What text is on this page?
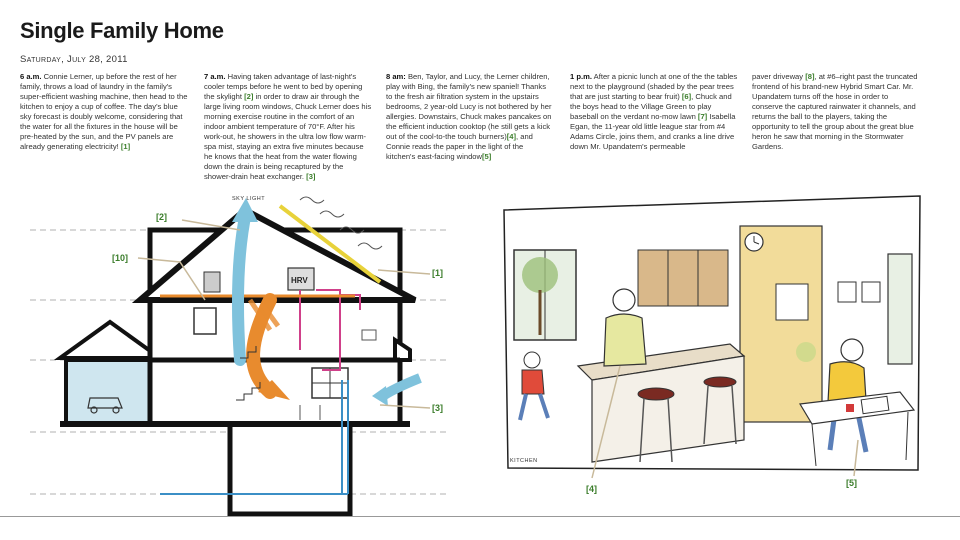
Single Family Home
Saturday, July 28, 2011
6 a.m. Connie Lerner, up before the rest of her family, throws a load of laundry in the family's super-efficient washing machine, then head to the kitchen to enjoy a cup of coffee. The day's blue sky forecast is doubly welcome, considering that the water for all the fixtures in the house will be pre-heated by the sun, and the PV panels are already generating electricity! [1]
7 a.m. Having taken advantage of last-night's cooler temps before he went to bed by opening the skylight [2] in order to draw air through the large living room windows, Chuck Lerner does his morning exercise routine in the comfort of an indoor ambient temperature of 70°F. After his work-out, he showers in the ultra low flow warm-spa mist, staying an extra five minutes because he knows that the heat from the water flowing down the drain is being recaptured by the shower-drain heat exchanger. [3]
8 am: Ben, Taylor, and Lucy, the Lerner children, play with Bing, the family's new spaniel! Thanks to the fresh air filtration system in the upstairs bedrooms, 2 year-old Lucy is not bothered by her allergies. Downstairs, Chuck makes pancakes on the efficient induction cooktop (he still gets a kick out of the cool-to-the touch burners)[4], and Connie reads the paper in the light of the kitchen's east-facing window[5]
1 p.m. After a picnic lunch at one of the the tables next to the playground (shaded by the pear trees that are just starting to bear fruit) [6], Chuck and the boys head to the Village Green to play baseball on the verdant no-mow lawn [7] Isabella Egan, the 11-year old little league star from #4 Adams Circle, joins them, and cranks a line drive down Mr. Upandatem's permeable
paver driveway [8], at #6–right past the truncated frontend of his brand-new Hybrid Smart Car. Mr. Upandatem turns off the hose in order to conserve the captured rainwater it channels, and returns the ball to the players, taking the opportunity to tell the group about the great blue heron he saw that morning in the Stormwater Gardens.
HRV
[2]
[10]
[1]
[3]
SKY LIGHT
[4]
[5]
KITCHEN
